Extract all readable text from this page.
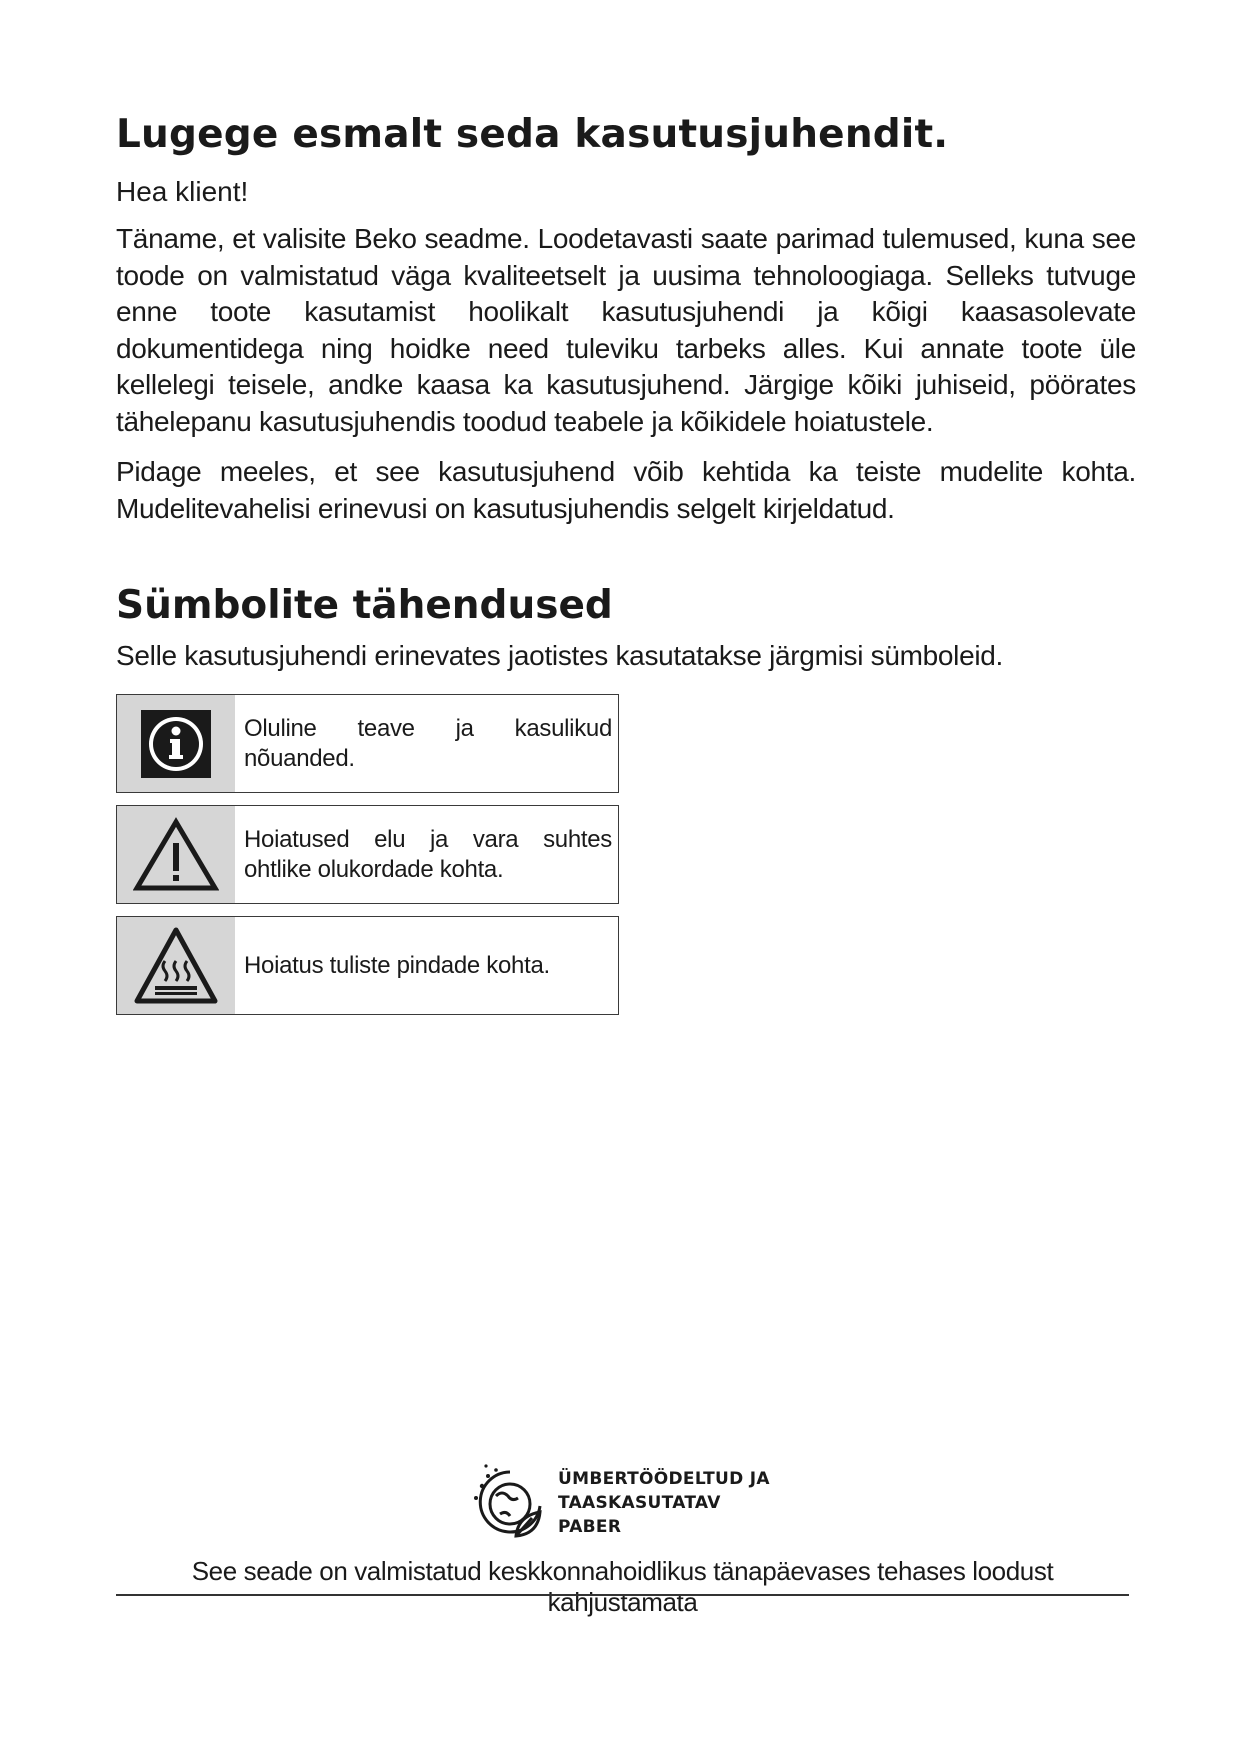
Lugege esmalt seda kasutusjuhendit.

Hea klient!

Täname, et valisite Beko seadme. Loodetavasti saate parimad tulemused, kuna see toode on valmistatud väga kvaliteetselt ja uusima tehnoloogiaga. Selleks tutvuge enne toote kasutamist hoolikalt kasutusjuhendi ja kõigi kaasasolevate dokumentidega ning hoidke need tuleviku tarbeks alles. Kui annate toote üle kellelegi teisele, andke kaasa ka kasutusjuhend. Järgige kõiki juhiseid, pöörates tähelepanu kasutusjuhendis toodud teabele ja kõikidele hoiatustele.

Pidage meeles, et see kasutusjuhend võib kehtida ka teiste mudelite kohta. Mudelitevahelisi erinevusi on kasutusjuhendis selgelt kirjeldatud.

Sümbolite tähendused

Selle kasutusjuhendi erinevates jaotistes kasutatakse järgmisi sümboleid.

Oluline teave ja kasulikud nõuanded.
Hoiatused elu ja vara suhtes ohtlike olukordade kohta.
Hoiatus tuliste pindade kohta.
ÜMBERTÖÖDELTUD JA
TAASKASUTATAV
PABER
See seade on valmistatud keskkonnahoidlikus tänapäevases tehases loodust kahjustamata
